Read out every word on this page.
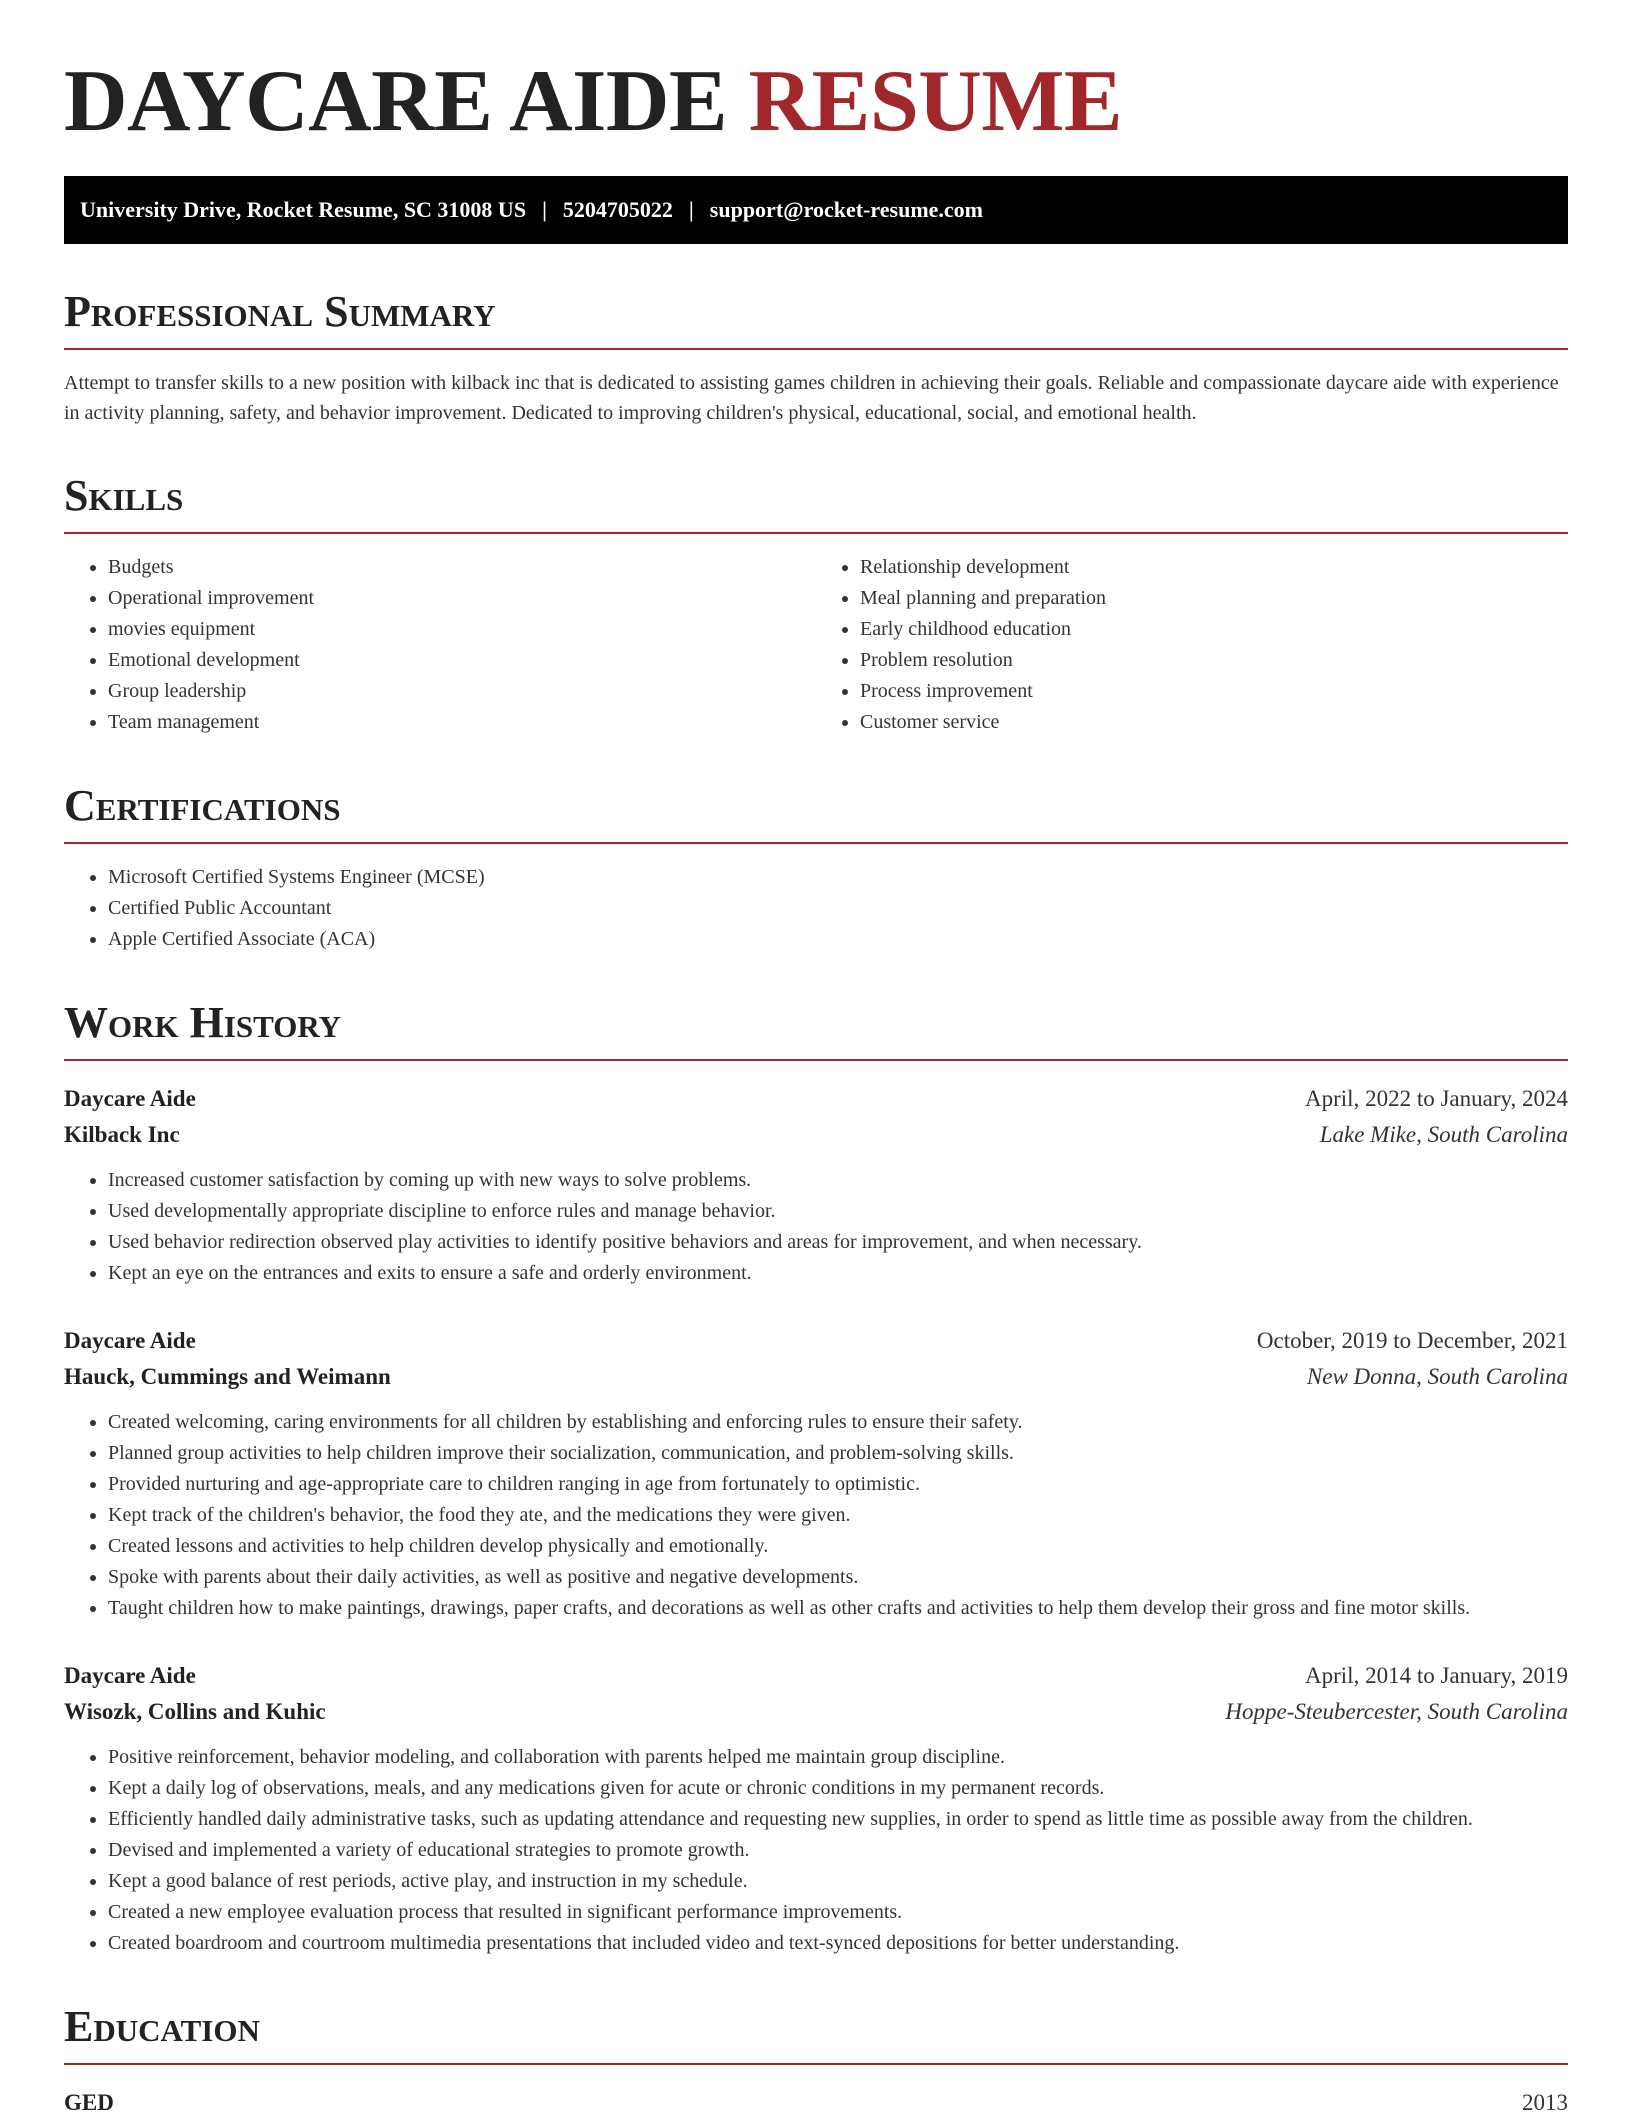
DAYCARE AIDE RESUME
University Drive, Rocket Resume, SC 31008 US | 5204705022 | support@rocket-resume.com
Professional Summary

Attempt to transfer skills to a new position with kilback inc that is dedicated to assisting games children in achieving their goals. Reliable and compassionate daycare aide with experience in activity planning, safety, and behavior improvement. Dedicated to improving children's physical, educational, social, and emotional health.

Skills
• Budgets
• Operational improvement
• movies equipment
• Emotional development
• Group leadership
• Team management
• Relationship development
• Meal planning and preparation
• Early childhood education
• Problem resolution
• Process improvement
• Customer service
Certifications
• Microsoft Certified Systems Engineer (MCSE)
• Certified Public Accountant
• Apple Certified Associate (ACA)
Work History
Daycare Aide	April, 2022 to January, 2024
Kilback Inc	Lake Mike, South Carolina
• Increased customer satisfaction by coming up with new ways to solve problems.
• Used developmentally appropriate discipline to enforce rules and manage behavior.
• Used behavior redirection observed play activities to identify positive behaviors and areas for improvement, and when necessary.
• Kept an eye on the entrances and exits to ensure a safe and orderly environment.
Daycare Aide	October, 2019 to December, 2021
Hauck, Cummings and Weimann	New Donna, South Carolina
• Created welcoming, caring environments for all children by establishing and enforcing rules to ensure their safety.
• Planned group activities to help children improve their socialization, communication, and problem-solving skills.
• Provided nurturing and age-appropriate care to children ranging in age from fortunately to optimistic.
• Kept track of the children's behavior, the food they ate, and the medications they were given.
• Created lessons and activities to help children develop physically and emotionally.
• Spoke with parents about their daily activities, as well as positive and negative developments.
• Taught children how to make paintings, drawings, paper crafts, and decorations as well as other crafts and activities to help them develop their gross and fine motor skills.
Daycare Aide	April, 2014 to January, 2019
Wisozk, Collins and Kuhic	Hoppe-Steubercester, South Carolina
• Positive reinforcement, behavior modeling, and collaboration with parents helped me maintain group discipline.
• Kept a daily log of observations, meals, and any medications given for acute or chronic conditions in my permanent records.
• Efficiently handled daily administrative tasks, such as updating attendance and requesting new supplies, in order to spend as little time as possible away from the children.
• Devised and implemented a variety of educational strategies to promote growth.
• Kept a good balance of rest periods, active play, and instruction in my schedule.
• Created a new employee evaluation process that resulted in significant performance improvements.
• Created boardroom and courtroom multimedia presentations that included video and text-synced depositions for better understanding.
Education
GED	2013
